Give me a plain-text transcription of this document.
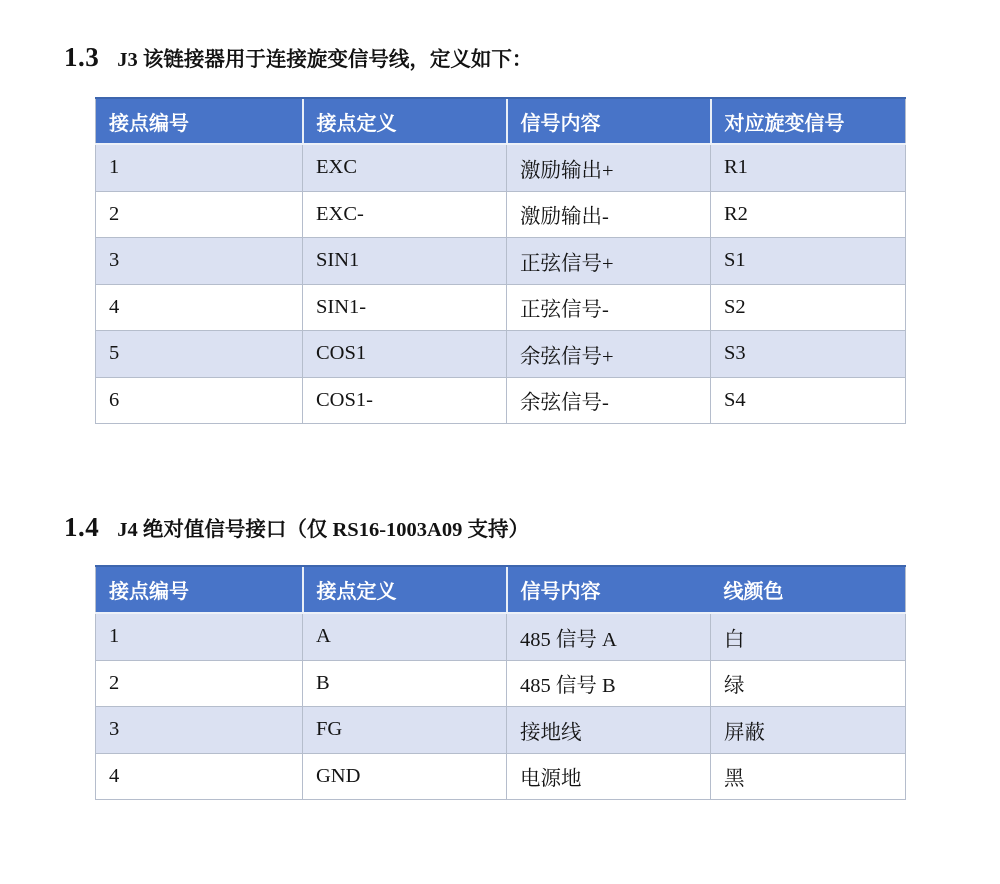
1.3 J3 该链接器用于连接旋变信号线，定义如下：
接点编号	接点定义	信号内容	对应旋变信号
1	EXC	激励输出+	R1
2	EXC-	激励输出-	R2
3	SIN1	正弦信号+	S1
4	SIN1-	正弦信号-	S2
5	COS1	余弦信号+	S3
6	COS1-	余弦信号-	S4
1.4 J4 绝对值信号接口（仅 RS16-1003A09 支持）
接点编号	接点定义	信号内容	线颜色
1	A	485 信号 A	白
2	B	485 信号 B	绿
3	FG	接地线	屏蔽
4	GND	电源地	黑
